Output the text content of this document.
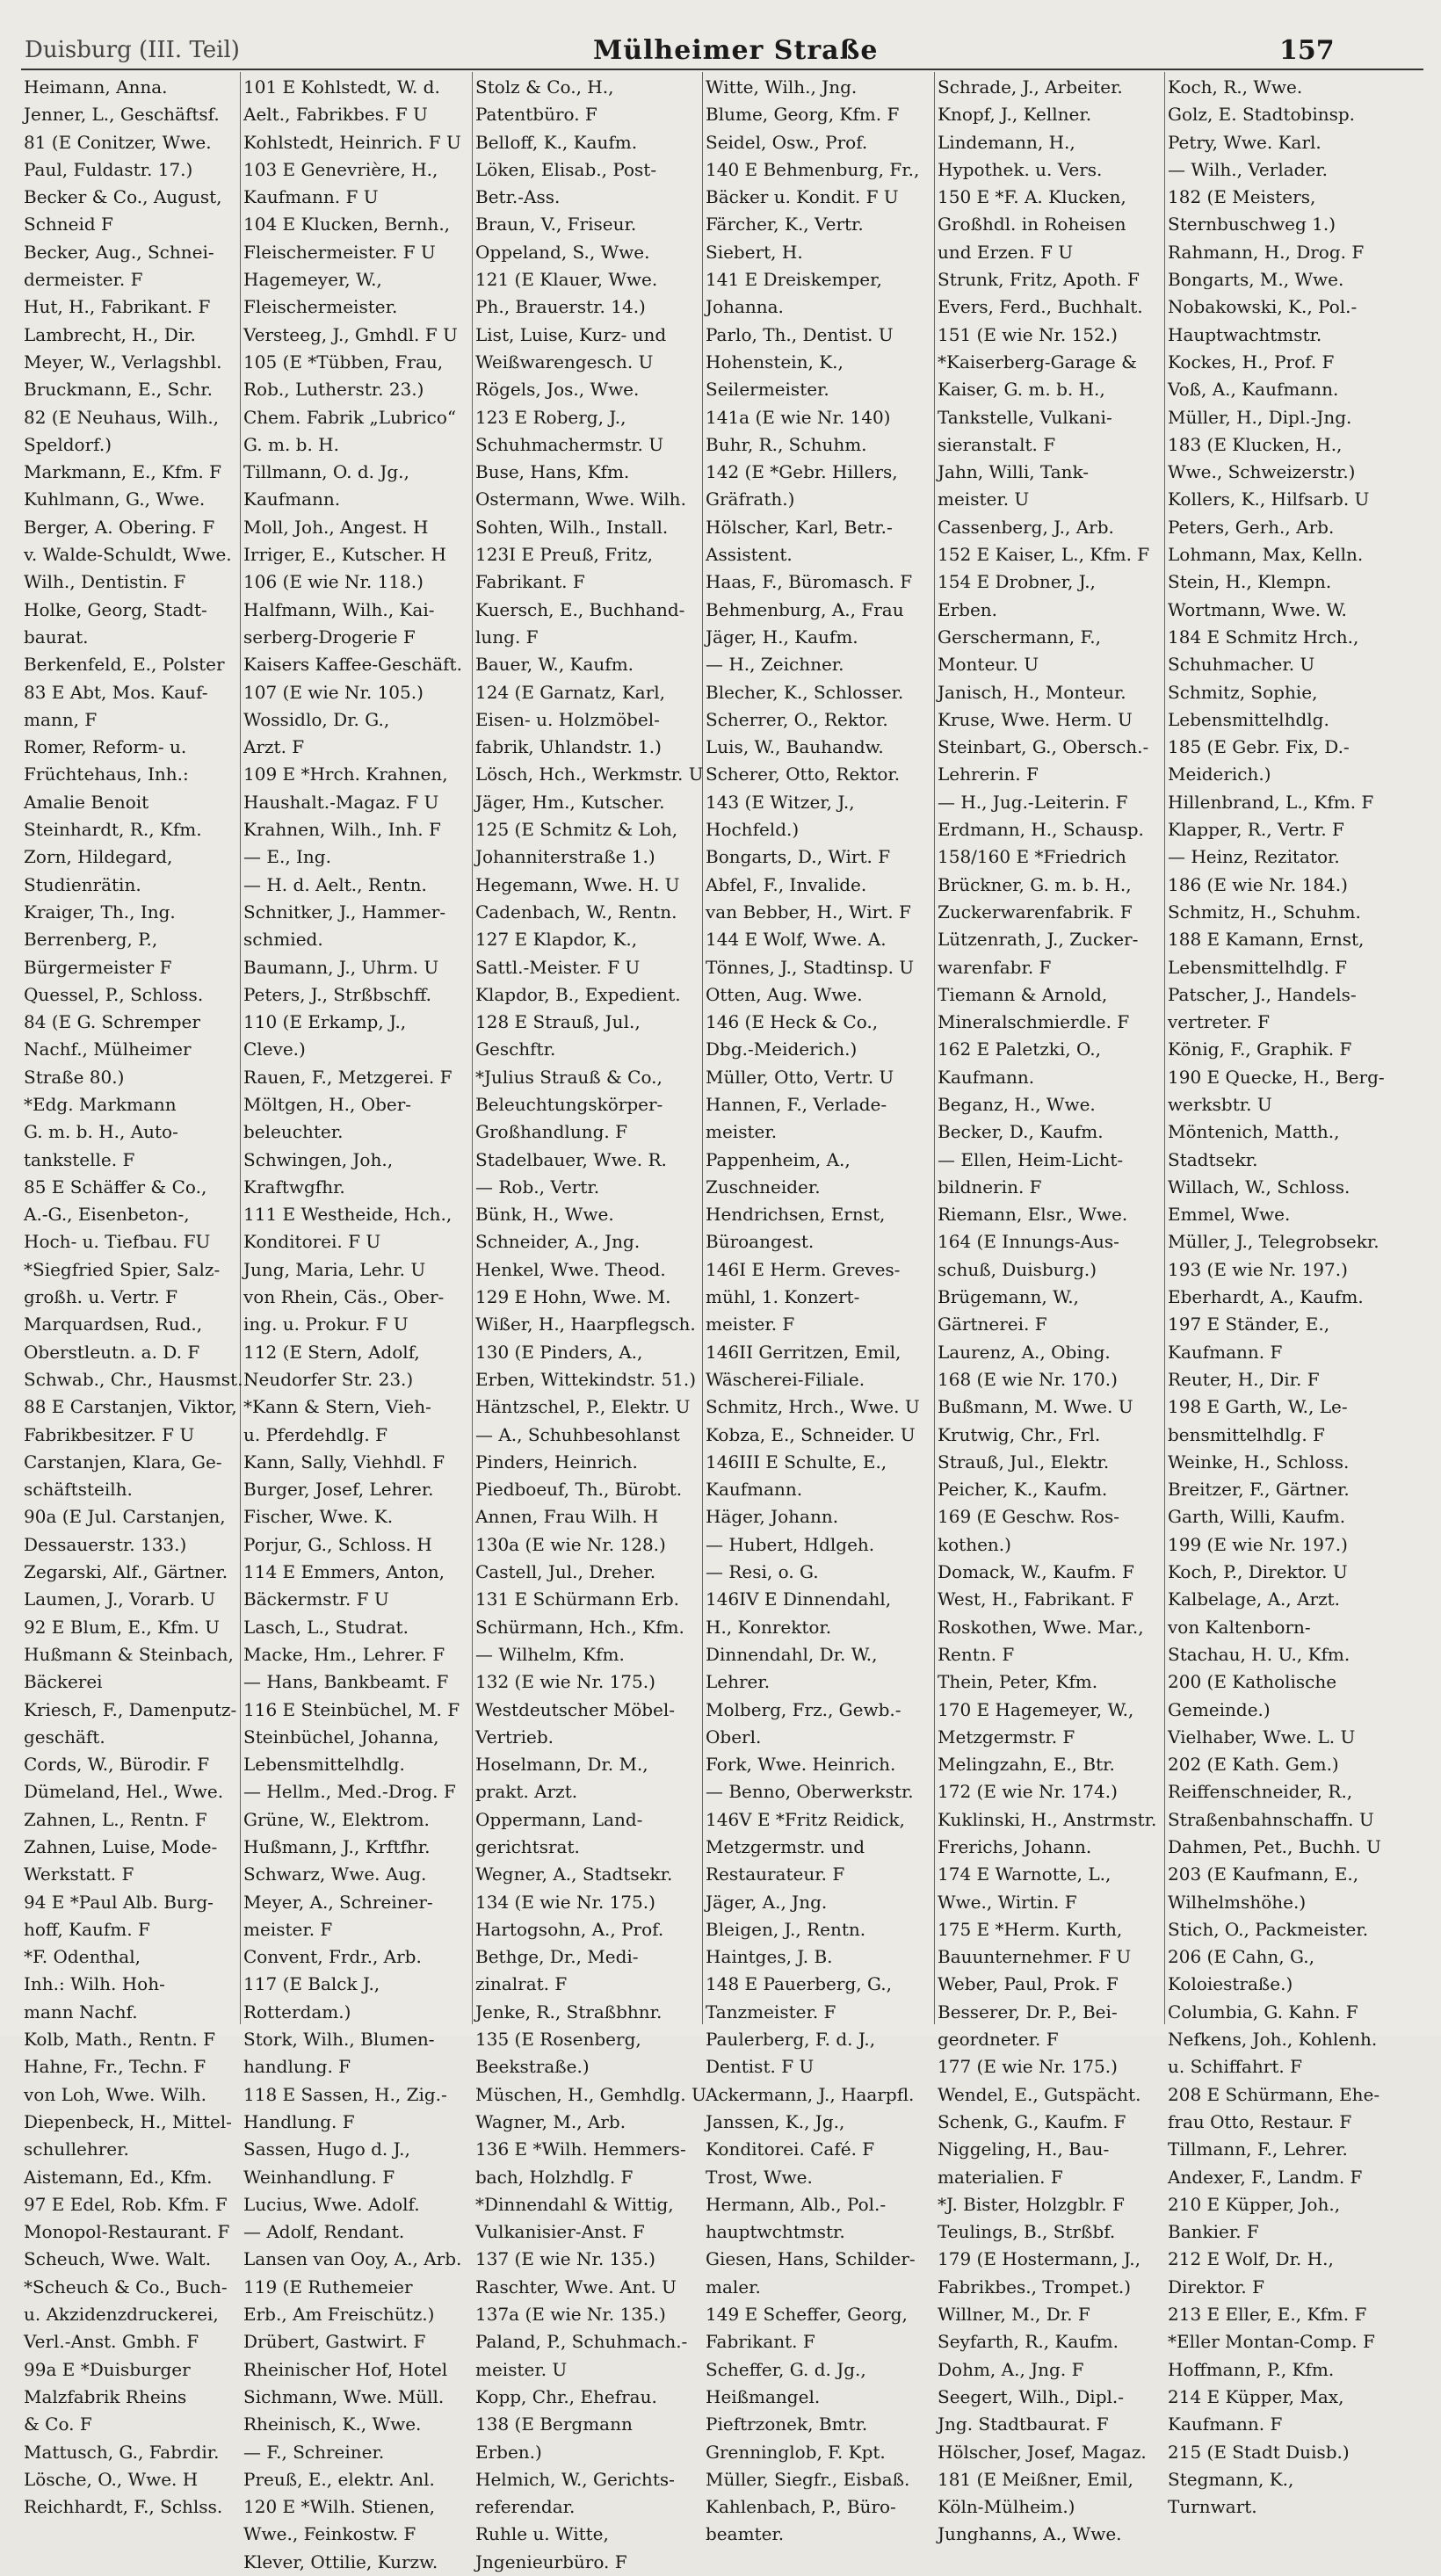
Duisburg (III. Teil)	Mülheimer Straße	157
Heimann, Anna.
Jenner, L., Geschäftsf.
81 (E Conitzer, Wwe.
Paul, Fuldastr. 17.)
Becker & Co., August,
Schneid F
Becker, Aug., Schnei-
dermeister. F
Hut, H., Fabrikant. F
Lambrecht, H., Dir.
Meyer, W., Verlagshbl.
Bruckmann, E., Schr.
82 (E Neuhaus, Wilh.,
Speldorf.)
Markmann, E., Kfm. F
Kuhlmann, G., Wwe.
Berger, A. Obering. F
v. Walde-Schuldt, Wwe.
Wilh., Dentistin. F
Holke, Georg, Stadt-
baurat.
Berkenfeld, E., Polster
83 E Abt, Mos. Kauf-
mann, F
Romer, Reform- u.
Früchtehaus, Inh.:
Amalie Benoit
Steinhardt, R., Kfm.
Zorn, Hildegard,
Studienrätin.
Kraiger, Th., Ing.
Berrenberg, P.,
Bürgermeister F
Quessel, P., Schloss.
84 (E G. Schremper
Nachf., Mülheimer
Straße 80.)
*Edg. Markmann
G. m. b. H., Auto-
tankstelle. F
85 E Schäffer & Co.,
A.-G., Eisenbeton-,
Hoch- u. Tiefbau. FU
*Siegfried Spier, Salz-
großh. u. Vertr. F
Marquardsen, Rud.,
Oberstleutn. a. D. F
Schwab., Chr., Hausmst.
88 E Carstanjen, Viktor,
Fabrikbesitzer. F U
Carstanjen, Klara, Ge-
schäftsteilh.
90a (E Jul. Carstanjen,
Dessauerstr. 133.)
Zegarski, Alf., Gärtner.
Laumen, J., Vorarb. U
92 E Blum, E., Kfm. U
Hußmann & Steinbach,
Bäckerei
Kriesch, F., Damenputz-
geschäft.
Cords, W., Bürodir. F
Dümeland, Hel., Wwe.
Zahnen, L., Rentn. F
Zahnen, Luise, Mode-
Werkstatt. F
94 E *Paul Alb. Burg-
hoff, Kaufm. F
*F. Odenthal,
Inh.: Wilh. Hoh-
mann Nachf.
Kolb, Math., Rentn. F
Hahne, Fr., Techn. F
von Loh, Wwe. Wilh.
Diepenbeck, H., Mittel-
schullehrer.
Aistemann, Ed., Kfm.
97 E Edel, Rob. Kfm. F
Monopol-Restaurant. F
Scheuch, Wwe. Walt.
*Scheuch & Co., Buch-
u. Akzidenzdruckerei,
Verl.-Anst. Gmbh. F
99a E *Duisburger
Malzfabrik Rheins
& Co. F
Mattusch, G., Fabrdir.
Lösche, O., Wwe. H
Reichhardt, F., Schlss.
101 E Kohlstedt, W. d.
Aelt., Fabrikbes. F U
Kohlstedt, Heinrich. F U
103 E Genevrière, H.,
Kaufmann. F U
104 E Klucken, Bernh.,
Fleischermeister. F U
Hagemeyer, W.,
Fleischermeister.
Versteeg, J., Gmhdl. F U
105 (E *Tübben, Frau,
Rob., Lutherstr. 23.)
Chem. Fabrik „Lubrico“
G. m. b. H.
Tillmann, O. d. Jg.,
Kaufmann.
Moll, Joh., Angest. H
Irriger, E., Kutscher. H
106 (E wie Nr. 118.)
Halfmann, Wilh., Kai-
serberg-Drogerie F
Kaisers Kaffee-Geschäft.
107 (E wie Nr. 105.)
Wossidlo, Dr. G.,
Arzt. F
109 E *Hrch. Krahnen,
Haushalt.-Magaz. F U
Krahnen, Wilh., Inh. F
— E., Ing.
— H. d. Aelt., Rentn.
Schnitker, J., Hammer-
schmied.
Baumann, J., Uhrm. U
Peters, J., Strßbschff.
110 (E Erkamp, J.,
Cleve.)
Rauen, F., Metzgerei. F
Möltgen, H., Ober-
beleuchter.
Schwingen, Joh.,
Kraftwgfhr.
111 E Westheide, Hch.,
Konditorei. F U
Jung, Maria, Lehr. U
von Rhein, Cäs., Ober-
ing. u. Prokur. F U
112 (E Stern, Adolf,
Neudorfer Str. 23.)
*Kann & Stern, Vieh-
u. Pferdehdlg. F
Kann, Sally, Viehhdl. F
Burger, Josef, Lehrer.
Fischer, Wwe. K.
Porjur, G., Schloss. H
114 E Emmers, Anton,
Bäckermstr. F U
Lasch, L., Studrat.
Macke, Hm., Lehrer. F
— Hans, Bankbeamt. F
116 E Steinbüchel, M. F
Steinbüchel, Johanna,
Lebensmittelhdlg.
— Hellm., Med.-Drog. F
Grüne, W., Elektrom.
Hußmann, J., Krftfhr.
Schwarz, Wwe. Aug.
Meyer, A., Schreiner-
meister. F
Convent, Frdr., Arb.
117 (E Balck J.,
Rotterdam.)
Stork, Wilh., Blumen-
handlung. F
118 E Sassen, H., Zig.-
Handlung. F
Sassen, Hugo d. J.,
Weinhandlung. F
Lucius, Wwe. Adolf.
— Adolf, Rendant.
Lansen van Ooy, A., Arb.
119 (E Ruthemeier
Erb., Am Freischütz.)
Drübert, Gastwirt. F
Rheinischer Hof, Hotel
Sichmann, Wwe. Müll.
Rheinisch, K., Wwe.
— F., Schreiner.
Preuß, E., elektr. Anl.
120 E *Wilh. Stienen,
Wwe., Feinkostw. F
Klever, Ottilie, Kurzw.
Stolz & Co., H.,
Patentbüro. F
Belloff, K., Kaufm.
Löken, Elisab., Post-
Betr.-Ass.
Braun, V., Friseur.
Oppeland, S., Wwe.
121 (E Klauer, Wwe.
Ph., Brauerstr. 14.)
List, Luise, Kurz- und
Weißwarengesch. U
Rögels, Jos., Wwe.
123 E Roberg, J.,
Schuhmachermstr. U
Buse, Hans, Kfm.
Ostermann, Wwe. Wilh.
Sohten, Wilh., Install.
123I E Preuß, Fritz,
Fabrikant. F
Kuersch, E., Buchhand-
lung. F
Bauer, W., Kaufm.
124 (E Garnatz, Karl,
Eisen- u. Holzmöbel-
fabrik, Uhlandstr. 1.)
Lösch, Hch., Werkmstr. U
Jäger, Hm., Kutscher.
125 (E Schmitz & Loh,
Johanniterstraße 1.)
Hegemann, Wwe. H. U
Cadenbach, W., Rentn.
127 E Klapdor, K.,
Sattl.-Meister. F U
Klapdor, B., Expedient.
128 E Strauß, Jul.,
Geschftr.
*Julius Strauß & Co.,
Beleuchtungskörper-
Großhandlung. F
Stadelbauer, Wwe. R.
— Rob., Vertr.
Bünk, H., Wwe.
Schneider, A., Jng.
Henkel, Wwe. Theod.
129 E Hohn, Wwe. M.
Wißer, H., Haarpflegsch.
130 (E Pinders, A.,
Erben, Wittekindstr. 51.)
Häntzschel, P., Elektr. U
— A., Schuhbesohlanst
Pinders, Heinrich.
Piedboeuf, Th., Bürobt.
Annen, Frau Wilh. H
130a (E wie Nr. 128.)
Castell, Jul., Dreher.
131 E Schürmann Erb.
Schürmann, Hch., Kfm.
— Wilhelm, Kfm.
132 (E wie Nr. 175.)
Westdeutscher Möbel-
Vertrieb.
Hoselmann, Dr. M.,
prakt. Arzt.
Oppermann, Land-
gerichtsrat.
Wegner, A., Stadtsekr.
134 (E wie Nr. 175.)
Hartogsohn, A., Prof.
Bethge, Dr., Medi-
zinalrat. F
Jenke, R., Straßbhnr.
135 (E Rosenberg,
Beekstraße.)
Müschen, H., Gemhdlg. U
Wagner, M., Arb.
136 E *Wilh. Hemmers-
bach, Holzhdlg. F
*Dinnendahl & Wittig,
Vulkanisier-Anst. F
137 (E wie Nr. 135.)
Raschter, Wwe. Ant. U
137a (E wie Nr. 135.)
Paland, P., Schuhmach.-
meister. U
Kopp, Chr., Ehefrau.
138 (E Bergmann
Erben.)
Helmich, W., Gerichts-
referendar.
Ruhle u. Witte,
Jngenieurbüro. F
Witte, Wilh., Jng.
Blume, Georg, Kfm. F
Seidel, Osw., Prof.
140 E Behmenburg, Fr.,
Bäcker u. Kondit. F U
Färcher, K., Vertr.
Siebert, H.
141 E Dreiskemper,
Johanna.
Parlo, Th., Dentist. U
Hohenstein, K.,
Seilermeister.
141a (E wie Nr. 140)
Buhr, R., Schuhm.
142 (E *Gebr. Hillers,
Gräfrath.)
Hölscher, Karl, Betr.-
Assistent.
Haas, F., Büromasch. F
Behmenburg, A., Frau
Jäger, H., Kaufm.
— H., Zeichner.
Blecher, K., Schlosser.
Scherrer, O., Rektor.
Luis, W., Bauhandw.
Scherer, Otto, Rektor.
143 (E Witzer, J.,
Hochfeld.)
Bongarts, D., Wirt. F
Abfel, F., Invalide.
van Bebber, H., Wirt. F
144 E Wolf, Wwe. A.
Tönnes, J., Stadtinsp. U
Otten, Aug. Wwe.
146 (E Heck & Co.,
Dbg.-Meiderich.)
Müller, Otto, Vertr. U
Hannen, F., Verlade-
meister.
Pappenheim, A.,
Zuschneider.
Hendrichsen, Ernst,
Büroangest.
146I E Herm. Greves-
mühl, 1. Konzert-
meister. F
146II Gerritzen, Emil,
Wäscherei-Filiale.
Schmitz, Hrch., Wwe. U
Kobza, E., Schneider. U
146III E Schulte, E.,
Kaufmann.
Häger, Johann.
— Hubert, Hdlgeh.
— Resi, o. G.
146IV E Dinnendahl,
H., Konrektor.
Dinnendahl, Dr. W.,
Lehrer.
Molberg, Frz., Gewb.-
Oberl.
Fork, Wwe. Heinrich.
— Benno, Oberwerkstr.
146V E *Fritz Reidick,
Metzgermstr. und
Restaurateur. F
Jäger, A., Jng.
Bleigen, J., Rentn.
Haintges, J. B.
148 E Pauerberg, G.,
Tanzmeister. F
Paulerberg, F. d. J.,
Dentist. F U
Ackermann, J., Haarpfl.
Janssen, K., Jg.,
Konditorei. Café. F
Trost, Wwe.
Hermann, Alb., Pol.-
hauptwchtmstr.
Giesen, Hans, Schilder-
maler.
149 E Scheffer, Georg,
Fabrikant. F
Scheffer, G. d. Jg.,
Heißmangel.
Pieftrzonek, Bmtr.
Grenninglob, F. Kpt.
Müller, Siegfr., Eisbaß.
Kahlenbach, P., Büro-
beamter.
Schrade, J., Arbeiter.
Knopf, J., Kellner.
Lindemann, H.,
Hypothek. u. Vers.
150 E *F. A. Klucken,
Großhdl. in Roheisen
und Erzen. F U
Strunk, Fritz, Apoth. F
Evers, Ferd., Buchhalt.
151 (E wie Nr. 152.)
*Kaiserberg-Garage &
Kaiser, G. m. b. H.,
Tankstelle, Vulkani-
sieranstalt. F
Jahn, Willi, Tank-
meister. U
Cassenberg, J., Arb.
152 E Kaiser, L., Kfm. F
154 E Drobner, J.,
Erben.
Gerschermann, F.,
Monteur. U
Janisch, H., Monteur.
Kruse, Wwe. Herm. U
Steinbart, G., Obersch.-
Lehrerin. F
— H., Jug.-Leiterin. F
Erdmann, H., Schausp.
158/160 E *Friedrich
Brückner, G. m. b. H.,
Zuckerwarenfabrik. F
Lützenrath, J., Zucker-
warenfabr. F
Tiemann & Arnold,
Mineralschmierdle. F
162 E Paletzki, O.,
Kaufmann.
Beganz, H., Wwe.
Becker, D., Kaufm.
— Ellen, Heim-Licht-
bildnerin. F
Riemann, Elsr., Wwe.
164 (E Innungs-Aus-
schuß, Duisburg.)
Brügemann, W.,
Gärtnerei. F
Laurenz, A., Obing.
168 (E wie Nr. 170.)
Bußmann, M. Wwe. U
Krutwig, Chr., Frl.
Strauß, Jul., Elektr.
Peicher, K., Kaufm.
169 (E Geschw. Ros-
kothen.)
Domack, W., Kaufm. F
West, H., Fabrikant. F
Roskothen, Wwe. Mar.,
Rentn. F
Thein, Peter, Kfm.
170 E Hagemeyer, W.,
Metzgermstr. F
Melingzahn, E., Btr.
172 (E wie Nr. 174.)
Kuklinski, H., Anstrmstr.
Frerichs, Johann.
174 E Warnotte, L.,
Wwe., Wirtin. F
175 E *Herm. Kurth,
Bauunternehmer. F U
Weber, Paul, Prok. F
Besserer, Dr. P., Bei-
geordneter. F
177 (E wie Nr. 175.)
Wendel, E., Gutspächt.
Schenk, G., Kaufm. F
Niggeling, H., Bau-
materialien. F
*J. Bister, Holzgblr. F
Teulings, B., Strßbf.
179 (E Hostermann, J.,
Fabrikbes., Trompet.)
Willner, M., Dr. F
Seyfarth, R., Kaufm.
Dohm, A., Jng. F
Seegert, Wilh., Dipl.-
Jng. Stadtbaurat. F
Hölscher, Josef, Magaz.
181 (E Meißner, Emil,
Köln-Mülheim.)
Junghanns, A., Wwe.
Koch, R., Wwe.
Golz, E. Stadtobinsp.
Petry, Wwe. Karl.
— Wilh., Verlader.
182 (E Meisters,
Sternbuschweg 1.)
Rahmann, H., Drog. F
Bongarts, M., Wwe.
Nobakowski, K., Pol.-
Hauptwachtmstr.
Kockes, H., Prof. F
Voß, A., Kaufmann.
Müller, H., Dipl.-Jng.
183 (E Klucken, H.,
Wwe., Schweizerstr.)
Kollers, K., Hilfsarb. U
Peters, Gerh., Arb.
Lohmann, Max, Kelln.
Stein, H., Klempn.
Wortmann, Wwe. W.
184 E Schmitz Hrch.,
Schuhmacher. U
Schmitz, Sophie,
Lebensmittelhdlg.
185 (E Gebr. Fix, D.-
Meiderich.)
Hillenbrand, L., Kfm. F
Klapper, R., Vertr. F
— Heinz, Rezitator.
186 (E wie Nr. 184.)
Schmitz, H., Schuhm.
188 E Kamann, Ernst,
Lebensmittelhdlg. F
Patscher, J., Handels-
vertreter. F
König, F., Graphik. F
190 E Quecke, H., Berg-
werksbtr. U
Möntenich, Matth.,
Stadtsekr.
Willach, W., Schloss.
Emmel, Wwe.
Müller, J., Telegrobsekr.
193 (E wie Nr. 197.)
Eberhardt, A., Kaufm.
197 E Ständer, E.,
Kaufmann. F
Reuter, H., Dir. F
198 E Garth, W., Le-
bensmittelhdlg. F
Weinke, H., Schloss.
Breitzer, F., Gärtner.
Garth, Willi, Kaufm.
199 (E wie Nr. 197.)
Koch, P., Direktor. U
Kalbelage, A., Arzt.
von Kaltenborn-
Stachau, H. U., Kfm.
200 (E Katholische
Gemeinde.)
Vielhaber, Wwe. L. U
202 (E Kath. Gem.)
Reiffenschneider, R.,
Straßenbahnschaffn. U
Dahmen, Pet., Buchh. U
203 (E Kaufmann, E.,
Wilhelmshöhe.)
Stich, O., Packmeister.
206 (E Cahn, G.,
Koloiestraße.)
Columbia, G. Kahn. F
Nefkens, Joh., Kohlenh.
u. Schiffahrt. F
208 E Schürmann, Ehe-
frau Otto, Restaur. F
Tillmann, F., Lehrer.
Andexer, F., Landm. F
210 E Küpper, Joh.,
Bankier. F
212 E Wolf, Dr. H.,
Direktor. F
213 E Eller, E., Kfm. F
*Eller Montan-Comp. F
Hoffmann, P., Kfm.
214 E Küpper, Max,
Kaufmann. F
215 (E Stadt Duisb.)
Stegmann, K.,
Turnwart.
